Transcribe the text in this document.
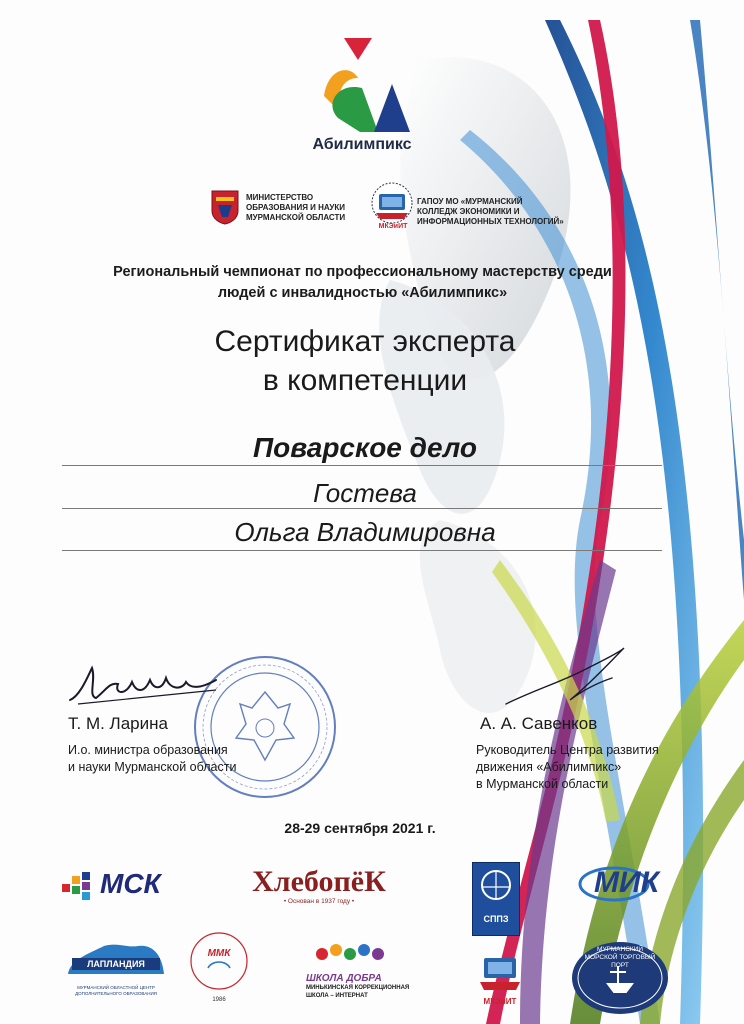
Абилимпикс
МИНИСТЕРСТВО
ОБРАЗОВАНИЯ И НАУКИ
МУРМАНСКОЙ ОБЛАСТИ
МКЭиИТ
ГАПОУ МО «МУРМАНСКИЙ
КОЛЛЕДЖ ЭКОНОМИКИ И
ИНФОРМАЦИОННЫХ ТЕХНОЛОГИЙ»
Региональный чемпионат по профессиональному мастерству среди людей с инвалидностью «Абилимпикс»
Сертификат эксперта
в компетенции
Поварское дело
Гостева
Ольга Владимировна
Т. М. Ларина
И.о. министра образования
и науки Мурманской области
А. А. Савенков
Руководитель Центра развития
движения «Абилимпикс»
в Мурманской области
28-29 сентября 2021 г.
МСК	ХлебопёК
• Основан в 1937 году •
СППЗ
МИК
ЛАПЛАНДИЯ
МУРМАНСКИЙ ОБЛАСТНОЙ ЦЕНТР ДОПОЛНИТЕЛЬНОГО ОБРАЗОВАНИЯ
ММК
1986
ШКОЛА ДОБРА
МИНЬКИНСКАЯ КОРРЕКЦИОННАЯ ШКОЛА – ИНТЕРНАТ
МКЭиИТ
МУРМАНСКИЙ МОРСКОЙ ТОРГОВЫЙ ПОРТ
